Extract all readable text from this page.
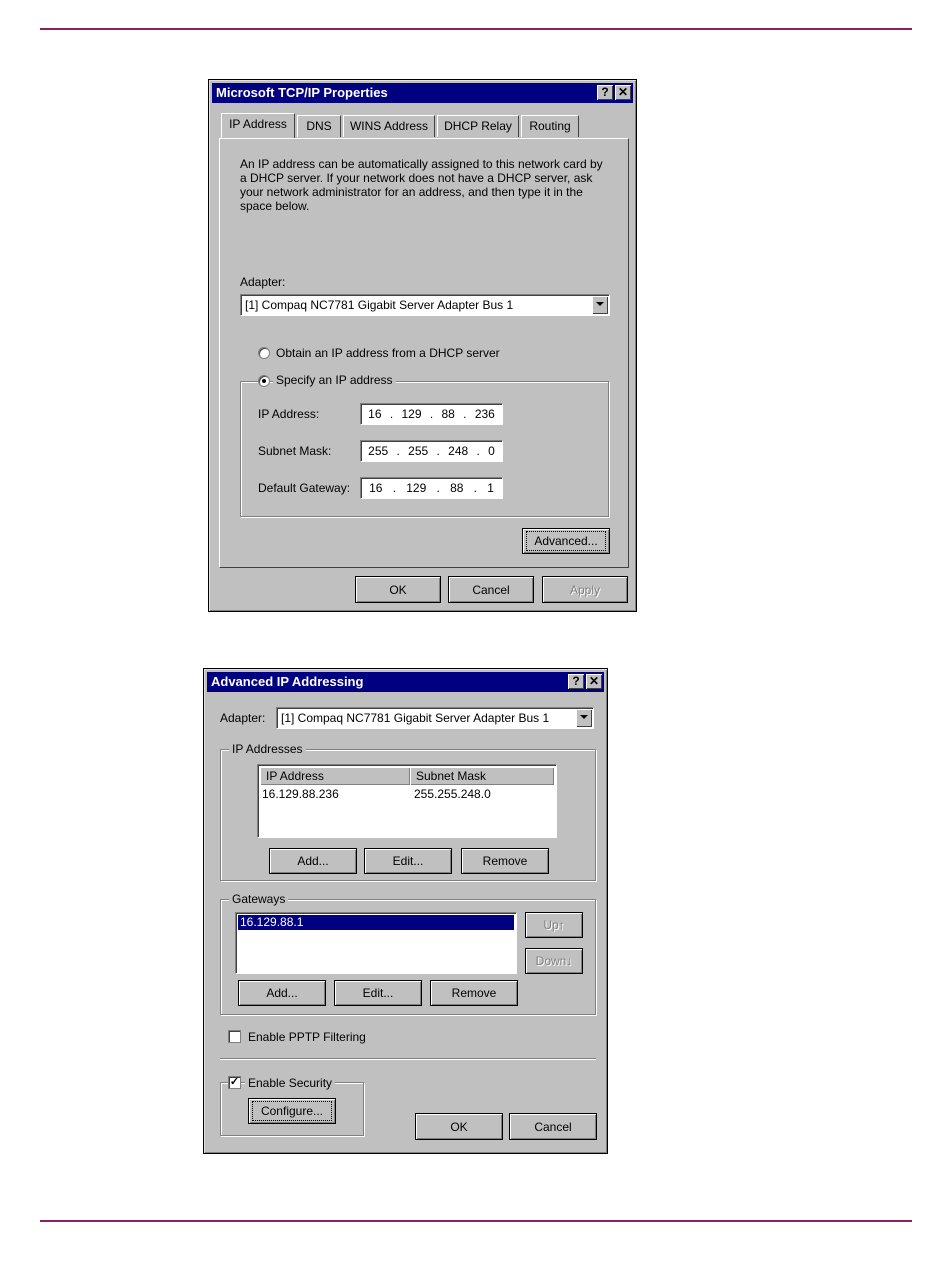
Microsoft TCP/IP Properties	? ✕
IP Address	DNS	WINS Address	DHCP Relay	Routing
An IP address can be automatically assigned to this network card by a DHCP server. If your network does not have a DHCP server, ask your network administrator for an address, and then type it in the space below.
Adapter:
[1] Compaq NC7781 Gigabit Server Adapter Bus 1
Obtain an IP address from a DHCP server
Specify an IP address
IP Address:	16 . 129 . 88 . 236
Subnet Mask:	255 . 255 . 248 . 0
Default Gateway: 16 . 129 . 88 . 1
Advanced...
OK	Cancel	Apply
Advanced IP Addressing	? ✕
Adapter:	[1] Compaq NC7781 Gigabit Server Adapter Bus 1
IP Addresses
IP Address	Subnet Mask
16.129.88.236	255.255.248.0
Add...	Edit...	Remove
Gateways
16.129.88.1	Up↑
Down↓
Add...	Edit...	Remove
Enable PPTP Filtering
✓ Enable Security
Configure...
OK	Cancel
